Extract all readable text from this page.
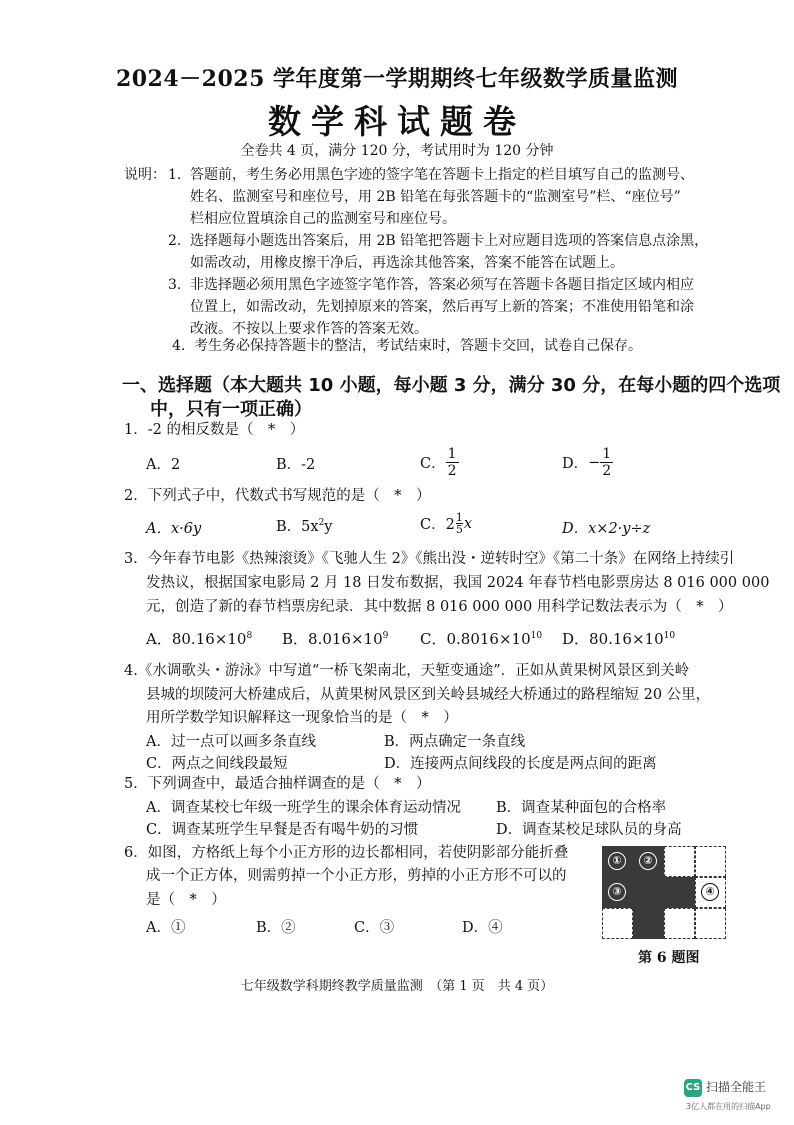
2024－2025 学年度第一学期期终七年级数学质量监测
数学科试题卷
全卷共 4 页，满分 120 分，考试用时为 120 分钟
说明： 1. 答题前，考生务必用黑色字迹的签字笔在答题卡上指定的栏目填写自己的监测号、
姓名、监测室号和座位号，用 2B 铅笔在每张答题卡的“监测室号”栏、“座位号”
栏相应位置填涂自己的监测室号和座位号。
2. 选择题每小题选出答案后，用 2B 铅笔把答题卡上对应题目选项的答案信息点涂黑，
如需改动，用橡皮擦干净后，再选涂其他答案，答案不能答在试题上。
3. 非选择题必须用黑色字迹签字笔作答，答案必须写在答题卡各题目指定区域内相应
位置上，如需改动，先划掉原来的答案，然后再写上新的答案；不准使用铅笔和涂
改液。不按以上要求作答的答案无效。
4. 考生务必保持答题卡的整洁，考试结束时，答题卡交回，试卷自己保存。
一、选择题（本大题共 10 小题，每小题 3 分，满分 30 分，在每小题的四个选项
中，只有一项正确）
1．-2 的相反数是（　*　）
A．2	B．-2	C． $\frac{1}{2}$	D． − $\frac{1}{2}$
2．下列式子中，代数式书写规范的是（　*　）
A．x·6y	B．$5x^2y$	C．$2 \frac{1}{5}$ x	D．x×2·y÷z
3．今年春节电影《热辣滚烫》《飞驰人生 2》《熊出没・逆转时空》《第二十条》在网络上持续引
发热议，根据国家电影局 2 月 18 日发布数据，我国 2024 年春节档电影票房达 8 016 000 000
元，创造了新的春节档票房纪录．其中数据 8 016 000 000 用科学记数法表示为（　*　）
A．$80.16\times 10^8$ B．$8.016\times 10^9$ C．$0.8016\times 10^{10}$ D．$80.16\times 10^{10}$
4.《水调歌头・游泳》中写道“一桥飞架南北，天堑变通途”．正如从黄果树风景区到关岭
县城的坝陵河大桥建成后，从黄果树风景区到关岭县城经大桥通过的路程缩短 20 公里，
用所学数学知识解释这一现象恰当的是（　*　）
A．过一点可以画多条直线	B．两点确定一条直线
C．两点之间线段最短	D．连接两点间线段的长度是两点间的距离
5．下列调查中，最适合抽样调查的是（　*　）
A．调查某校七年级一班学生的课余体育运动情况 B．调查某种面包的合格率
C．调查某班学生早餐是否有喝牛奶的习惯	D．调查某校足球队员的身高
6．如图，方格纸上每个小正方形的边长都相同，若使阴影部分能折叠
成一个正方体，则需剪掉一个小正方形，剪掉的小正方形不可以的
是（　*　）
A．①	B．②	C．③	D．④
①	②
③	④
第 6 题图
七年级数学科期终教学质量监测　（第 1 页　共 4 页）
CS 扫描全能王
3亿人都在用的扫描App
